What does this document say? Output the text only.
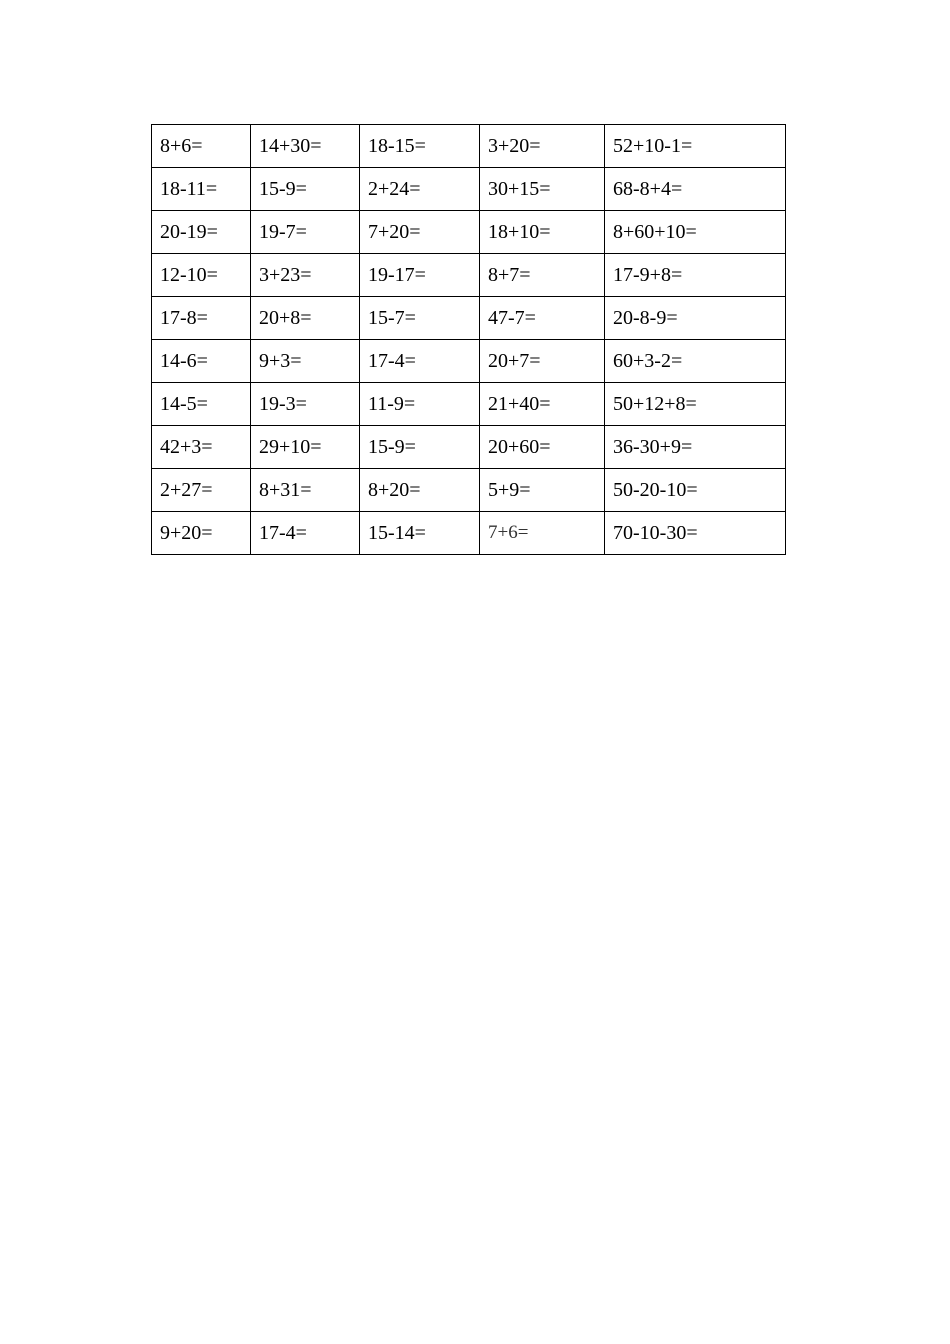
8+6=	14+30=	18-15=	3+20=	52+10-1=
18-11=	15-9=	2+24=	30+15=	68-8+4=
20-19=	19-7=	7+20=	18+10=	8+60+10=
12-10=	3+23=	19-17=	8+7=	17-9+8=
17-8=	20+8=	15-7=	47-7=	20-8-9=
14-6=	9+3=	17-4=	20+7=	60+3-2=
14-5=	19-3=	11-9=	21+40=	50+12+8=
42+3=	29+10=	15-9=	20+60=	36-30+9=
2+27=	8+31=	8+20=	5+9=	50-20-10=
9+20=	17-4=	15-14=	7+6=	70-10-30=
